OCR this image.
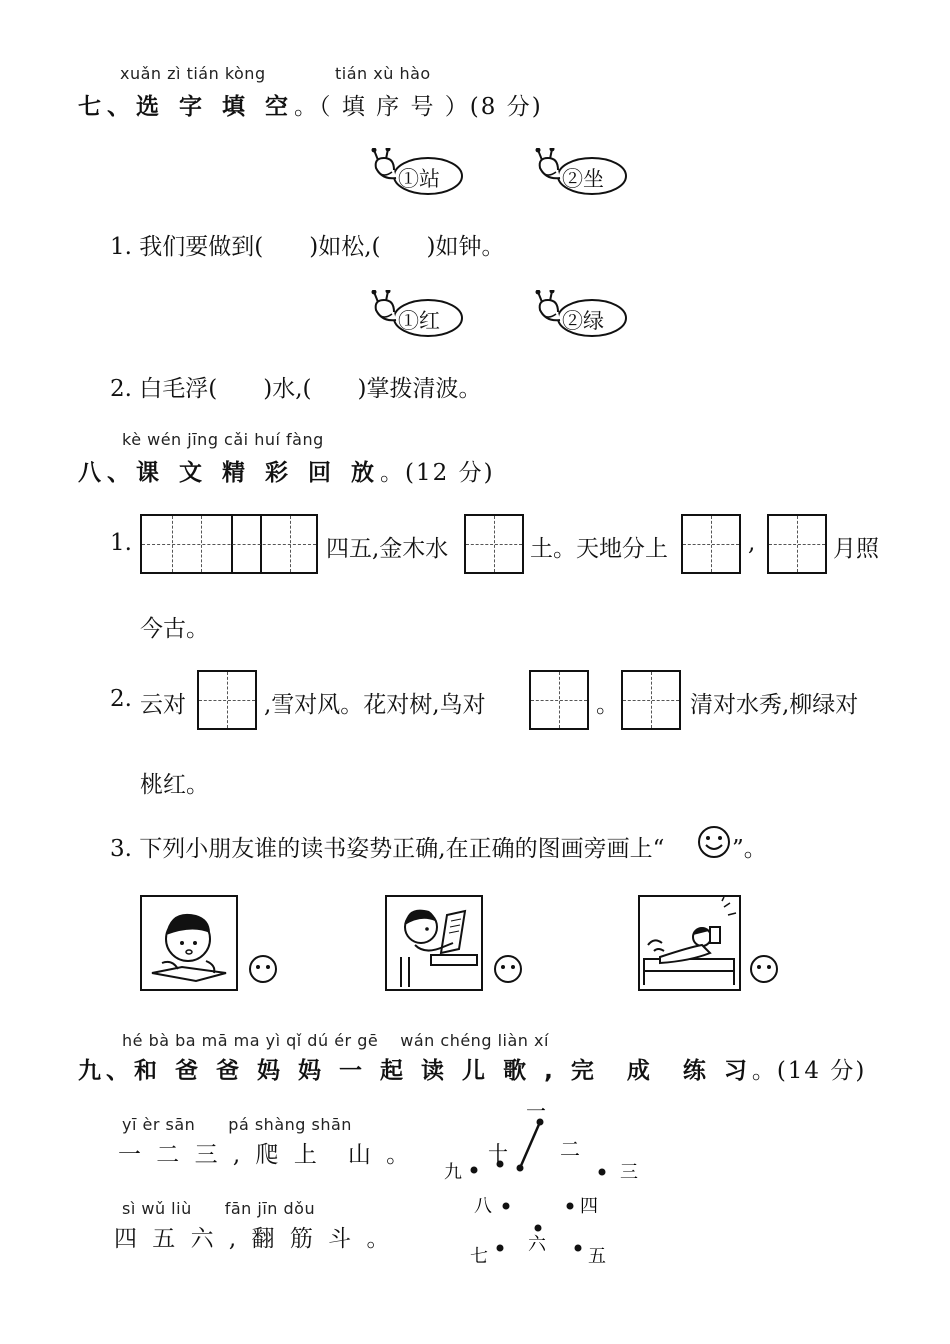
xuǎn zì tián kòng	tián xù hào
七、选 字 填 空。（ 填 序 号 ）(8 分)
①站	②坐
1. 我们要做到(　　)如松,(　　)如钟。
①红	②绿
2. 白毛浮(　　)水,(　　)掌拨清波。
kè wén jīng cǎi huí fàng
八、课 文 精 彩 回 放。(12 分)
1.	四五,金木水	土。天地分上	,	月照
今古。
2. 云对	,雪对风。花对树,鸟对	。	清对水秀,柳绿对
桃红。
3. 下列小朋友谁的读书姿势正确,在正确的图画旁画上“	”。
hé bà ba mā ma yì qǐ dú ér gē　 wán chéng liàn xí
九、和 爸 爸 妈 妈 一 起 读 儿 歌 , 完　成　练 习。(14 分)
yī èr sān　　pá shàng shān
一 二 三 , 爬 上　山 。
sì wǔ liù　　fān jīn dǒu
四 五 六 , 翻 筋 斗 。
一
二
三
四
五
六
七
八
九
十
